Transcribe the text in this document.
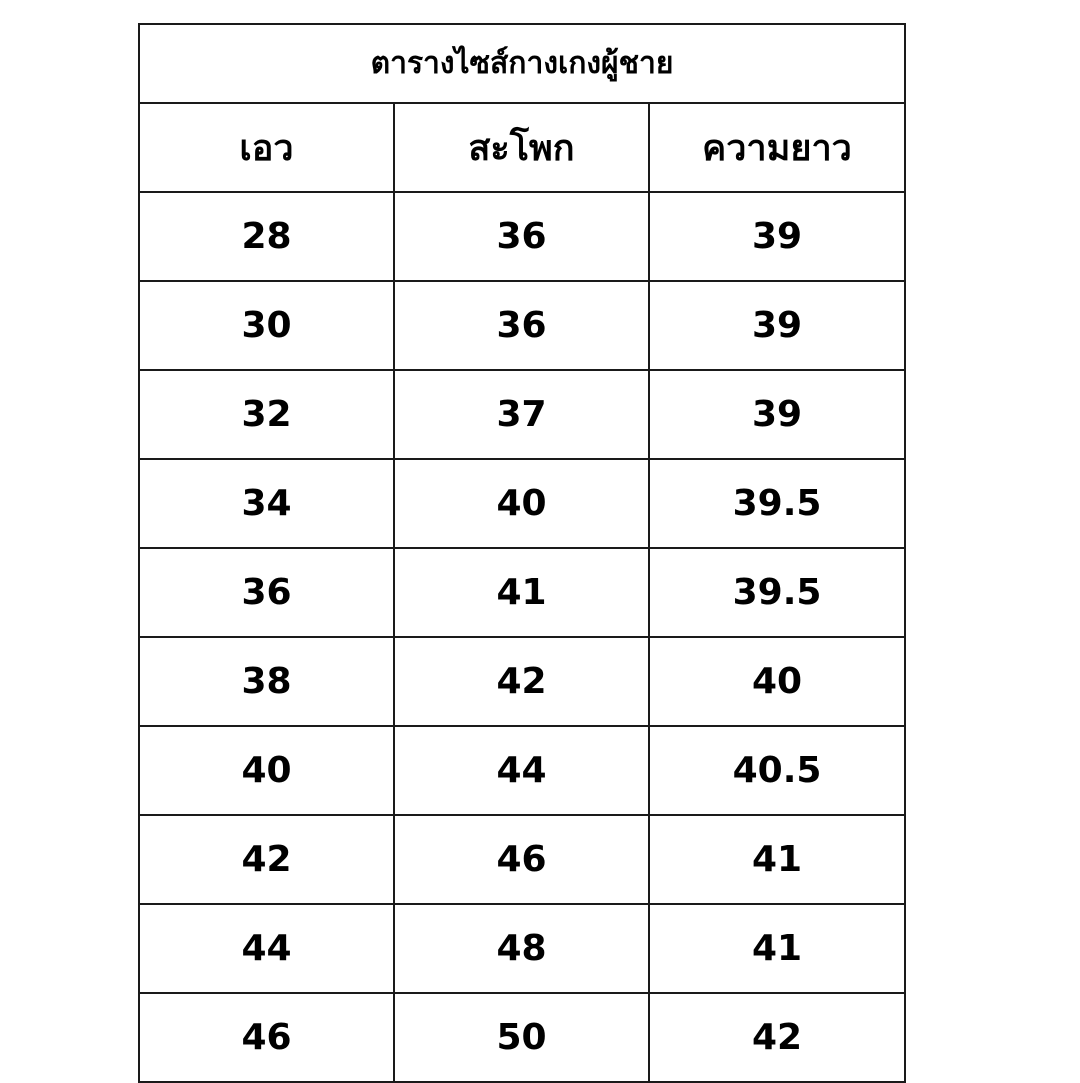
ตารางไซส์กางเกงผู้ชาย		
เอว	สะโพก	ความยาว
28	36	39
30	36	39
32	37	39
34	40	39.5
36	41	39.5
38	42	40
40	44	40.5
42	46	41
44	48	41
46	50	42
